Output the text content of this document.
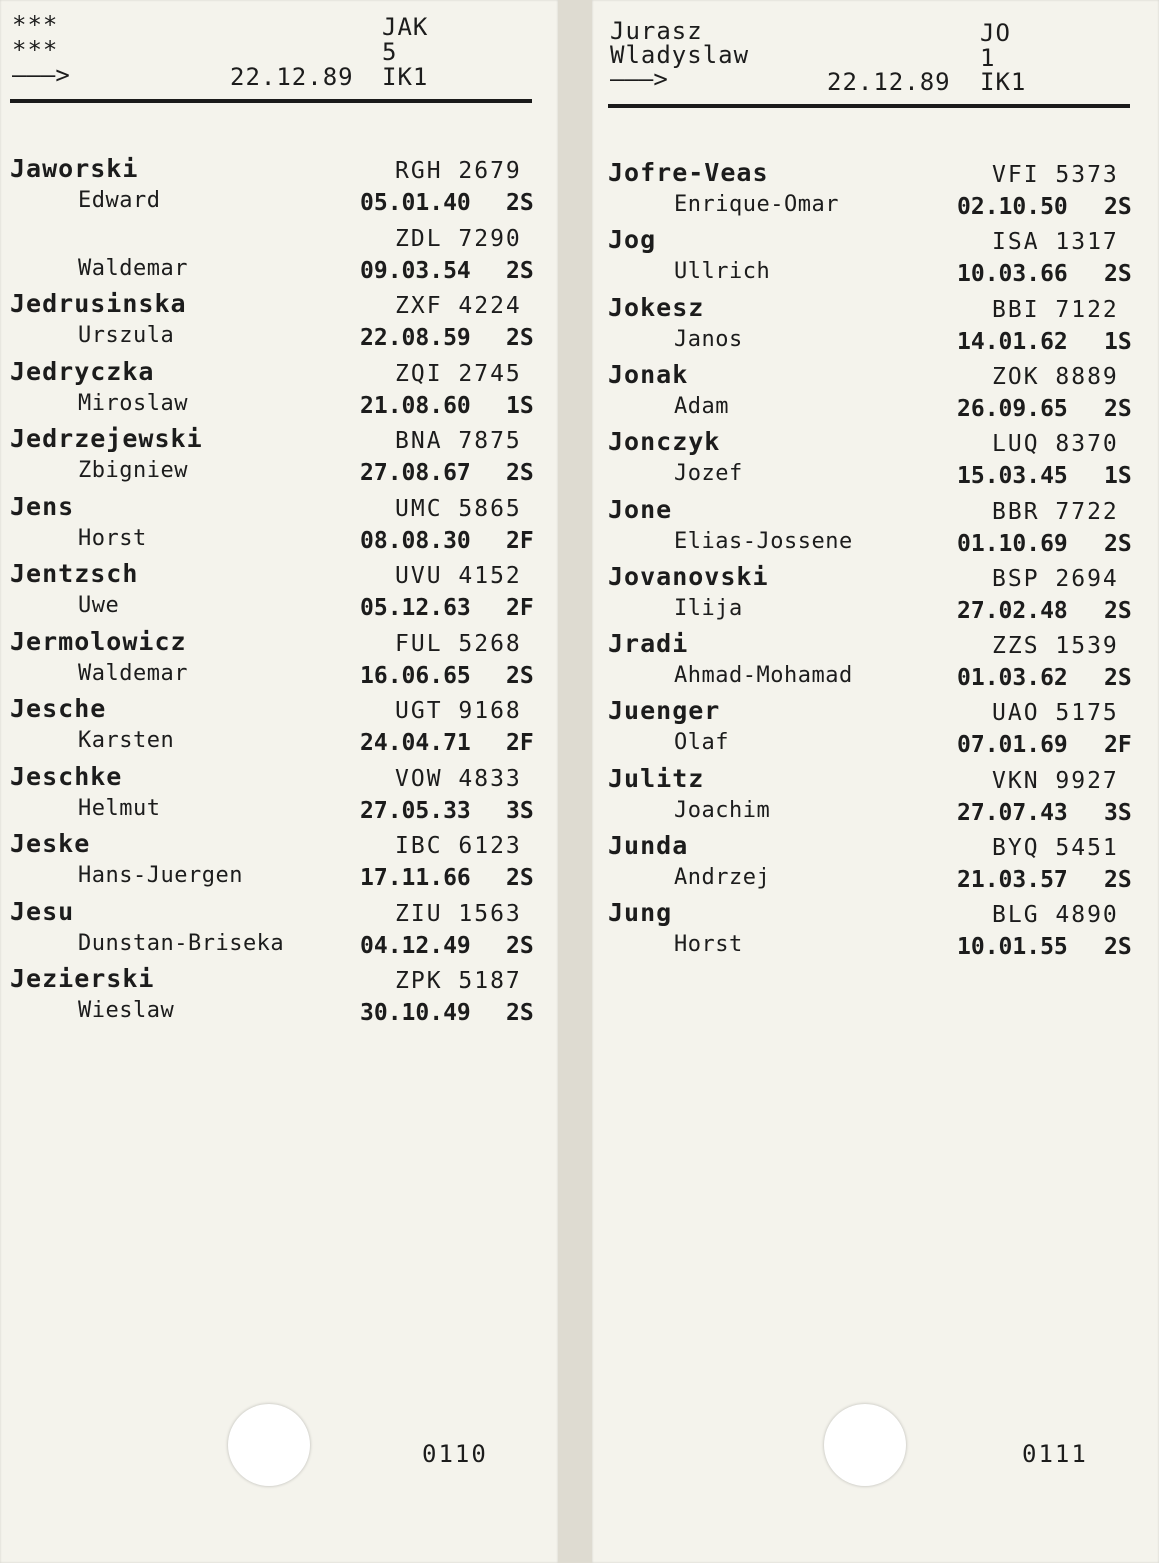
***
***
———>
JAK
5
22.12.89 IK1
Jaworski
Edward
RGH 2679
05.01.40 2S
Waldemar
ZDL 7290
09.03.54 2S
Jedrusinska
Urszula
ZXF 4224
22.08.59 2S
Jedryczka
Miroslaw
ZQI 2745
21.08.60 1S
Jedrzejewski
Zbigniew
BNA 7875
27.08.67 2S
Jens
Horst
UMC 5865
08.08.30 2F
Jentzsch
Uwe
UVU 4152
05.12.63 2F
Jermolowicz
Waldemar
FUL 5268
16.06.65 2S
Jesche
Karsten
UGT 9168
24.04.71 2F
Jeschke
Helmut
VOW 4833
27.05.33 3S
Jeske
Hans-Juergen
IBC 6123
17.11.66 2S
Jesu
Dunstan-Briseka
ZIU 1563
04.12.49 2S
Jezierski
Wieslaw
ZPK 5187
30.10.49 2S
0110
Jurasz
Wladyslaw
———>
JO
1
22.12.89 IK1
Jofre-Veas
Enrique-Omar
VFI 5373
02.10.50 2S
Jog
Ullrich
ISA 1317
10.03.66 2S
Jokesz
Janos
BBI 7122
14.01.62 1S
Jonak
Adam
ZOK 8889
26.09.65 2S
Jonczyk
Jozef
LUQ 8370
15.03.45 1S
Jone
Elias-Jossene
BBR 7722
01.10.69 2S
Jovanovski
Ilija
BSP 2694
27.02.48 2S
Jradi
Ahmad-Mohamad
ZZS 1539
01.03.62 2S
Juenger
Olaf
UAO 5175
07.01.69 2F
Julitz
Joachim
VKN 9927
27.07.43 3S
Junda
Andrzej
BYQ 5451
21.03.57 2S
Jung
Horst
BLG 4890
10.01.55 2S
0111
